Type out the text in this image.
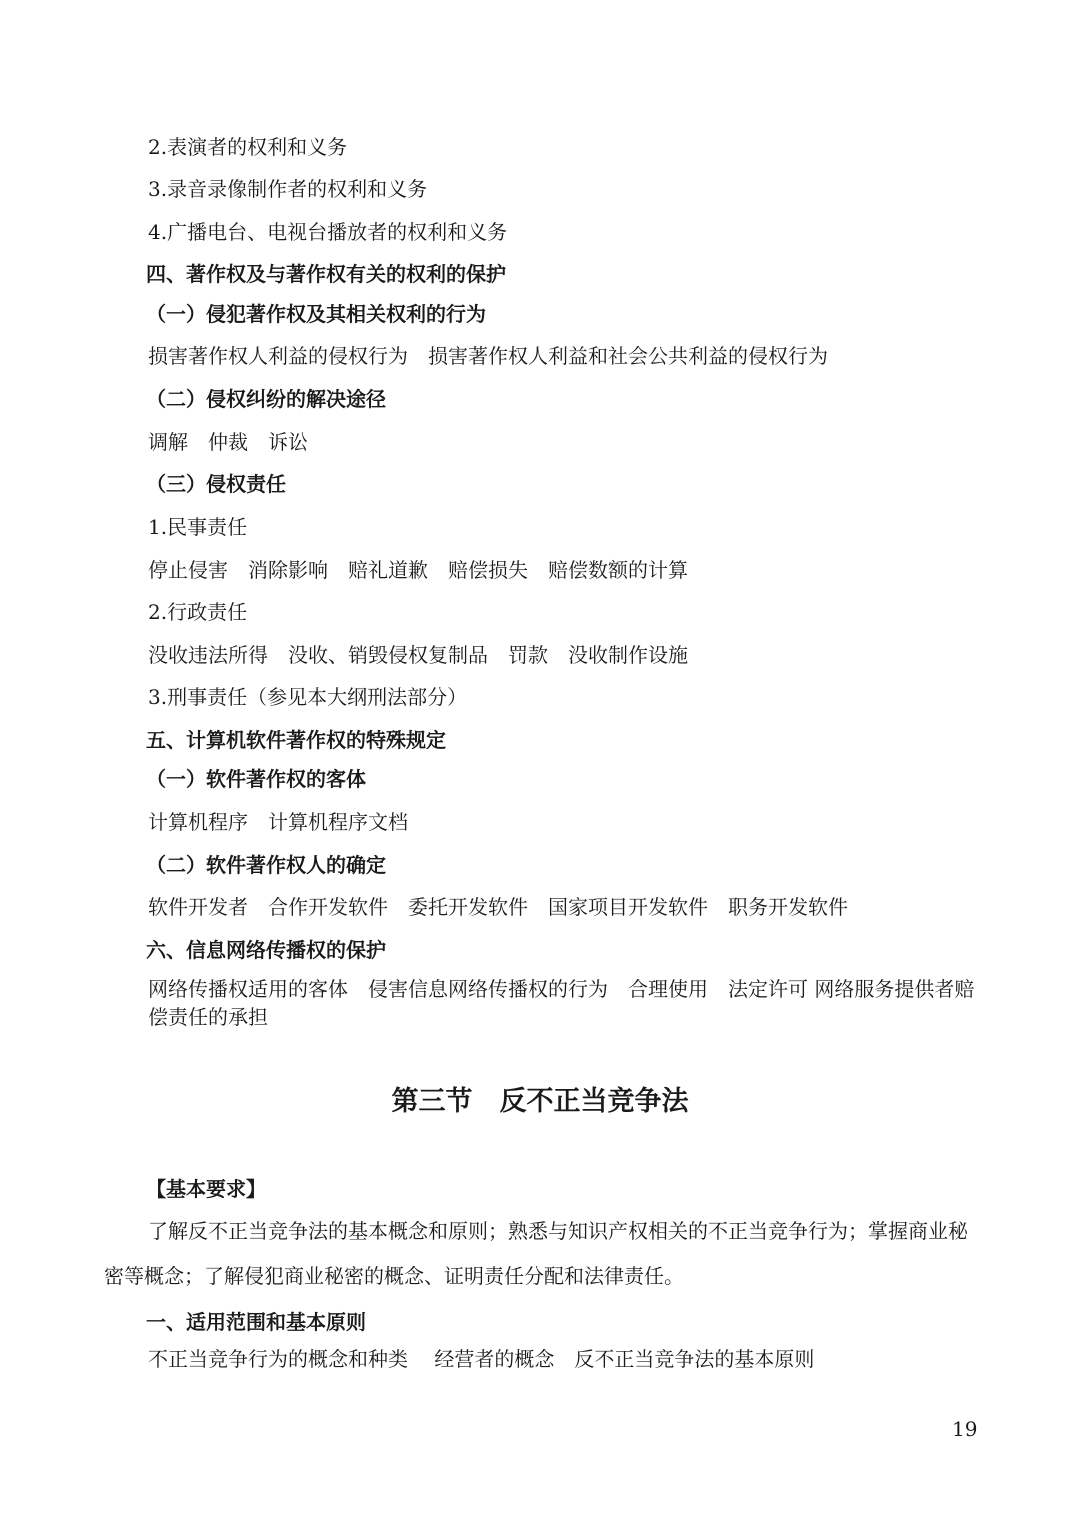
2.表演者的权利和义务

3.录音录像制作者的权利和义务

4.广播电台、电视台播放者的权利和义务

四、著作权及与著作权有关的权利的保护

（一）侵犯著作权及其相关权利的行为

损害著作权人利益的侵权行为　损害著作权人利益和社会公共利益的侵权行为

（二）侵权纠纷的解决途径

调解　仲裁　诉讼

（三）侵权责任

1.民事责任

停止侵害　消除影响　赔礼道歉　赔偿损失　赔偿数额的计算

2.行政责任

没收违法所得　没收、销毁侵权复制品　罚款　没收制作设施

3.刑事责任（参见本大纲刑法部分）

五、计算机软件著作权的特殊规定

（一）软件著作权的客体

计算机程序　计算机程序文档

（二）软件著作权人的确定

软件开发者　合作开发软件　委托开发软件　国家项目开发软件　职务开发软件

六、信息网络传播权的保护

网络传播权适用的客体　侵害信息网络传播权的行为　合理使用　法定许可 网络服务提供者赔偿责任的承担

第三节　反不正当竞争法

【基本要求】

了解反不正当竞争法的基本概念和原则；熟悉与知识产权相关的不正当竞争行为；掌握商业秘密等概念；了解侵犯商业秘密的概念、证明责任分配和法律责任。

一、适用范围和基本原则

不正当竞争行为的概念和种类　 经营者的概念　反不正当竞争法的基本原则

19
